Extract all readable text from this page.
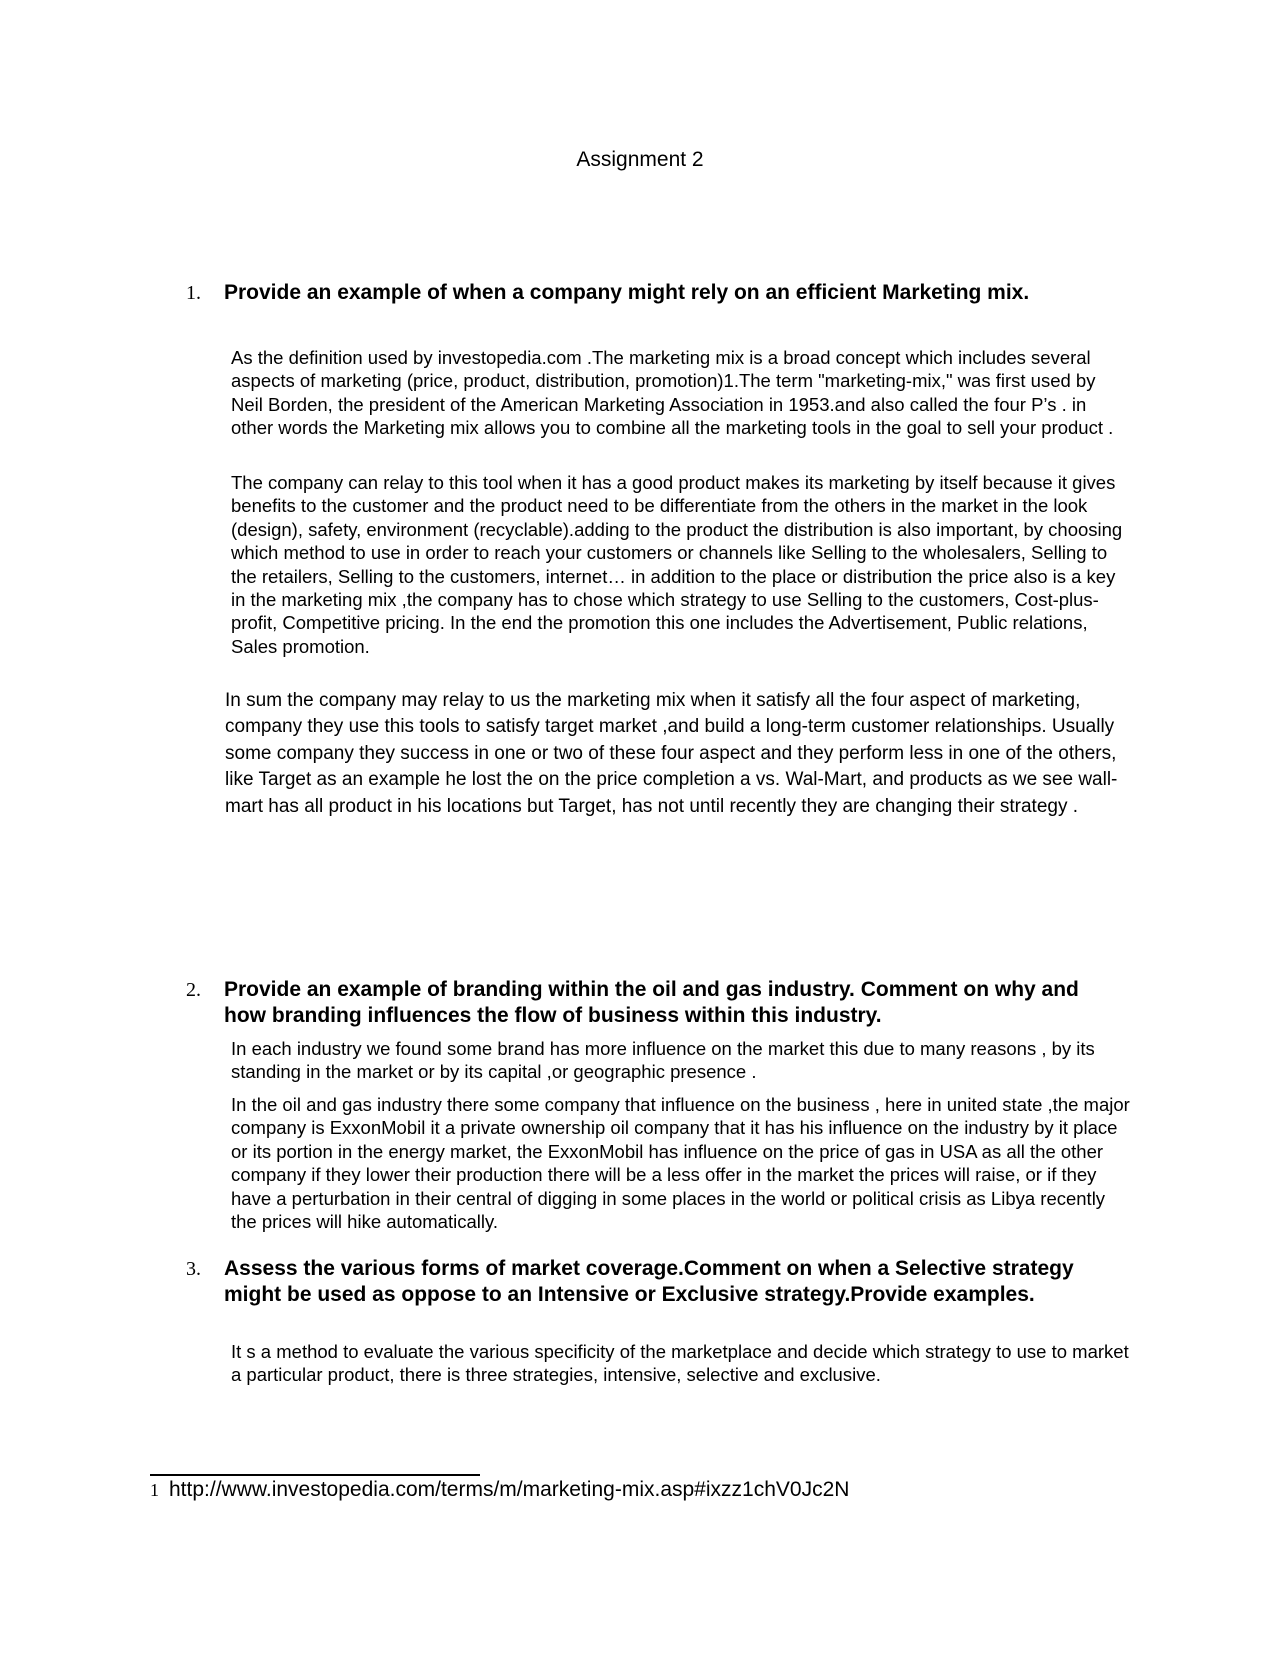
Assignment 2
1. Provide an example of when a company might rely on an efficient Marketing mix.
As the definition used by investopedia.com .The marketing mix is a broad concept which includes several aspects of marketing (price, product, distribution, promotion)1.The term "marketing-mix," was first used by Neil Borden, the president of the American Marketing Association in 1953.and also called the four P’s . in other words the Marketing mix allows you to combine all the marketing tools in the goal to sell your product .
The company can relay to this tool when it has a good product makes its marketing by itself because it gives benefits to the customer and the product need to be differentiate from the others in the market in the look (design), safety, environment (recyclable).adding to the product the distribution is also important, by choosing which method to use in order to reach your customers or channels like Selling to the wholesalers, Selling to the retailers, Selling to the customers, internet… in addition to the place or distribution the price also is a key in the marketing mix ,the company has to chose which strategy to use Selling to the customers, Cost-plus-profit, Competitive pricing. In the end the promotion this one includes the Advertisement, Public relations, Sales promotion.
In sum the company may relay to us the marketing mix when it satisfy all the four aspect of marketing, company they use this tools to satisfy target market ,and build a long-term customer relationships. Usually some company they success in one or two of these four aspect and they perform less in one of the others, like Target as an example he lost the on the price completion a vs. Wal-Mart, and products as we see wall-mart has all product in his locations but Target, has not until recently they are changing their strategy .
2. Provide an example of branding within the oil and gas industry. Comment on why and how branding influences the flow of business within this industry.
In each industry we found some brand has more influence on the market this due to many reasons , by its standing in the market or by its capital ,or geographic presence .
In the oil and gas industry there some company that influence on the business , here in united state ,the major company is ExxonMobil it a private ownership oil company that it has his influence on the industry by it place or its portion in the energy market, the ExxonMobil has influence on the price of gas in USA as all the other company if they lower their production there will be a less offer in the market the prices will raise, or if they have a perturbation in their central of digging in some places in the world or political crisis as Libya recently the prices will hike automatically.
3. Assess the various forms of market coverage.Comment on when a Selective strategy might be used as oppose to an Intensive or Exclusive strategy.Provide examples.
It s a method to evaluate the various specificity of the marketplace and decide which strategy to use to market a particular product, there is three strategies, intensive, selective and exclusive.
1 http://www.investopedia.com/terms/m/marketing-mix.asp#ixzz1chV0Jc2N
